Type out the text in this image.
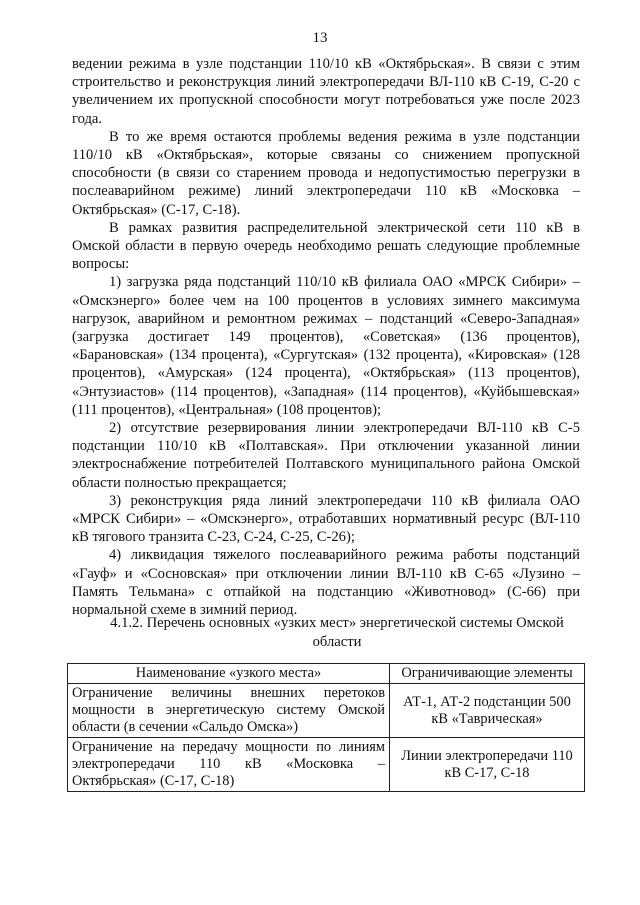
13

ведении режима в узле подстанции 110/10 кВ «Октябрьская». В связи с этим строительство и реконструкция линий электропередачи ВЛ-110 кВ С-19, С-20 с увеличением их пропускной способности могут потребоваться уже после 2023 года.

В то же время остаются проблемы ведения режима в узле подстанции 110/10 кВ «Октябрьская», которые связаны со снижением пропускной способности (в связи со старением провода и недопустимостью перегрузки в послеаварийном режиме) линий электропередачи 110 кВ «Московка – Октябрьская» (С-17, С-18).

В рамках развития распределительной электрической сети 110 кВ в Омской области в первую очередь необходимо решать следующие проблемные вопросы:

1) загрузка ряда подстанций 110/10 кВ филиала ОАО «МРСК Сибири» – «Омскэнерго» более чем на 100 процентов в условиях зимнего максимума нагрузок, аварийном и ремонтном режимах – подстанций «Северо-Западная» (загрузка достигает 149 процентов), «Советская» (136 процентов), «Барановская» (134 процента), «Сургутская» (132 процента), «Кировская» (128 процентов), «Амурская» (124 процента), «Октябрьская» (113 процентов), «Энтузиастов» (114 процентов), «Западная» (114 процентов), «Куйбышевская» (111 процентов), «Центральная» (108 процентов);

2) отсутствие резервирования линии электропередачи ВЛ-110 кВ С-5 подстанции 110/10 кВ «Полтавская». При отключении указанной линии электроснабжение потребителей Полтавского муниципального района Омской области полностью прекращается;

3) реконструкция ряда линий электропередачи 110 кВ филиала ОАО «МРСК Сибири» – «Омскэнерго», отработавших нормативный ресурс (ВЛ-110 кВ тягового транзита С-23, С-24, С-25, С-26);

4) ликвидация тяжелого послеаварийного режима работы подстанций «Гауф» и «Сосновская» при отключении линии ВЛ-110 кВ С-65 «Лузино – Память Тельмана» с отпайкой на подстанцию «Животновод» (С-66) при нормальной схеме в зимний период.

4.1.2. Перечень основных «узких мест» энергетической системы Омской области
Наименование «узкого места»	Ограничивающие элементы
Ограничение величины внешних перетоков мощности в энергетическую систему Омской области (в сечении «Сальдо Омска»)	АТ-1, АТ-2 подстанции 500 кВ «Таврическая»
Ограничение на передачу мощности по линиям электропередачи 110 кВ «Московка – Октябрьская» (С-17, С-18)	Линии электропередачи 110 кВ С-17, С-18
